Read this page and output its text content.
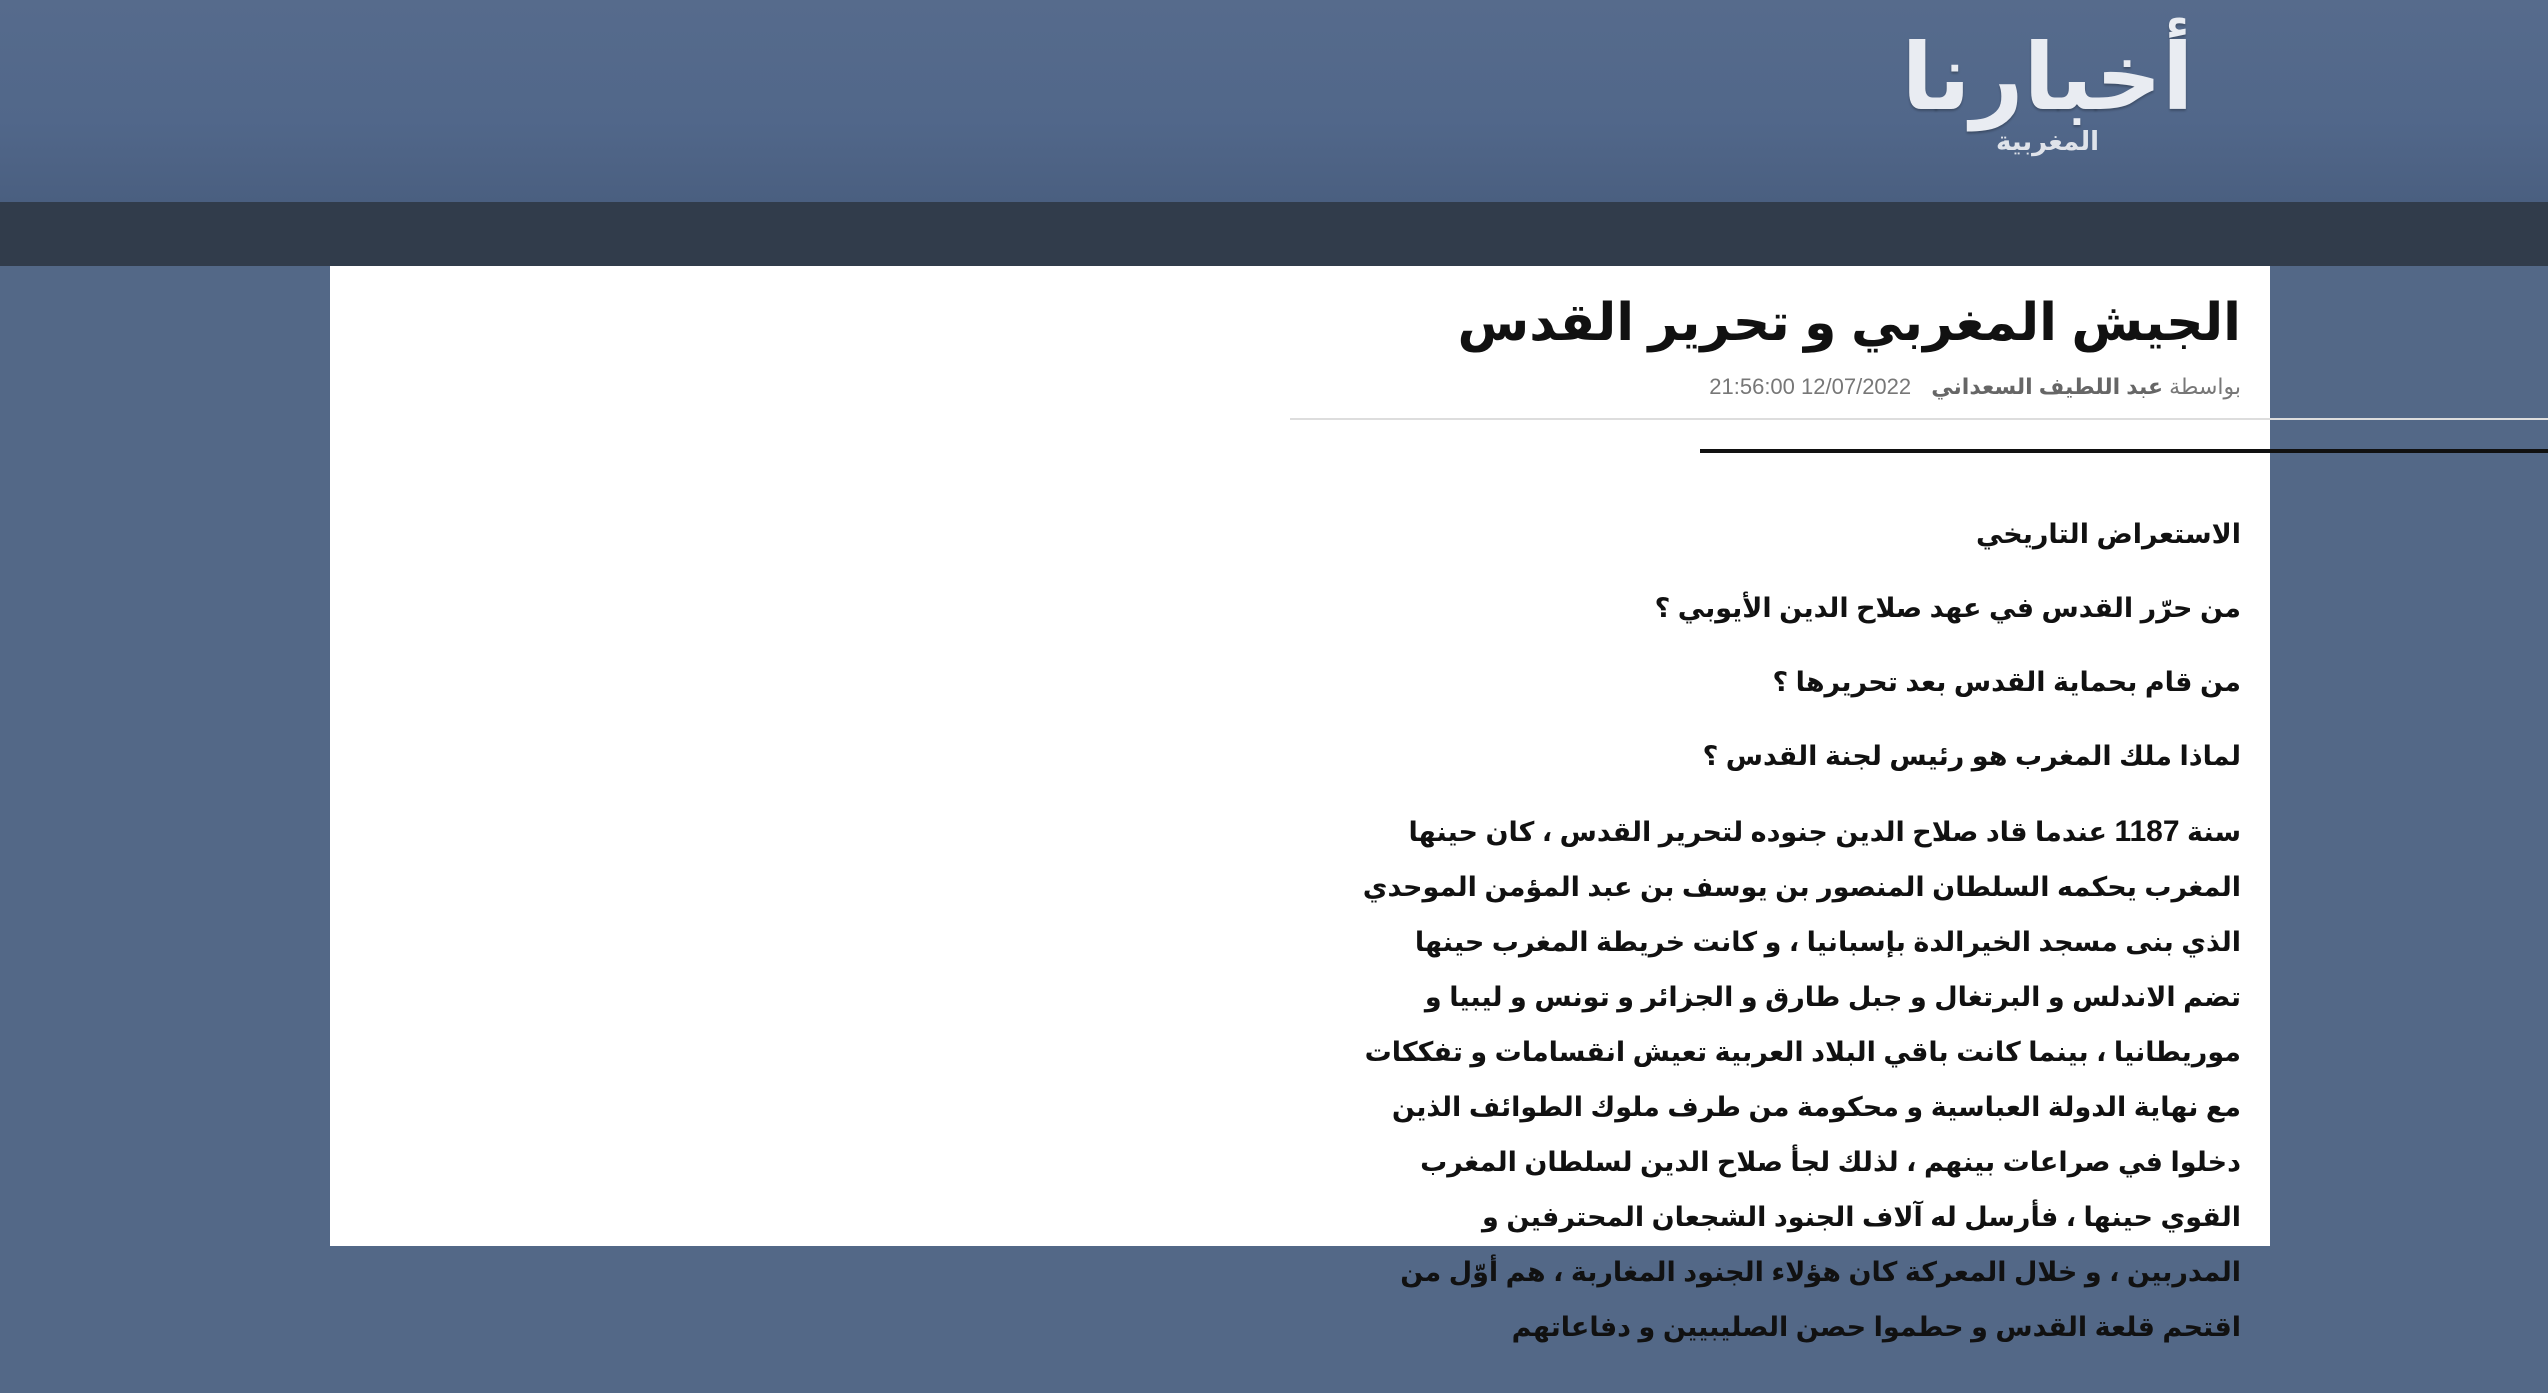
أخبارنا
المغربية
الجيش المغربي و تحرير القدس
بواسطة عبد اللطيف السعداني 12/07/2022 21:56:00

الاستعراض التاريخي

من حرّر القدس في عهد صلاح الدين الأيوبي ؟

من قام بحماية القدس بعد تحريرها ؟

لماذا ملك المغرب هو رئيس لجنة القدس ؟

سنة 1187 عندما قاد صلاح الدين جنوده لتحرير القدس ، كان حينها المغرب يحكمه السلطان المنصور بن يوسف بن عبد المؤمن الموحدي الذي بنى مسجد الخيرالدة بإسبانيا ، و كانت خريطة المغرب حينها تضم الاندلس و البرتغال و جبل طارق و الجزائر و تونس و ليبيا و موريطانيا ، بينما كانت باقي البلاد العربية تعيش انقسامات و تفككات مع نهاية الدولة العباسية و محكومة من طرف ملوك الطوائف الذين دخلوا في صراعات بينهم ، لذلك لجأ صلاح الدين لسلطان المغرب القوي حينها ، فأرسل له آلاف الجنود الشجعان المحترفين و المدربين ، و خلال المعركة كان هؤلاء الجنود المغاربة ، هم أوّل من اقتحم قلعة القدس و حطموا حصن الصليبيين و دفاعاتهم
